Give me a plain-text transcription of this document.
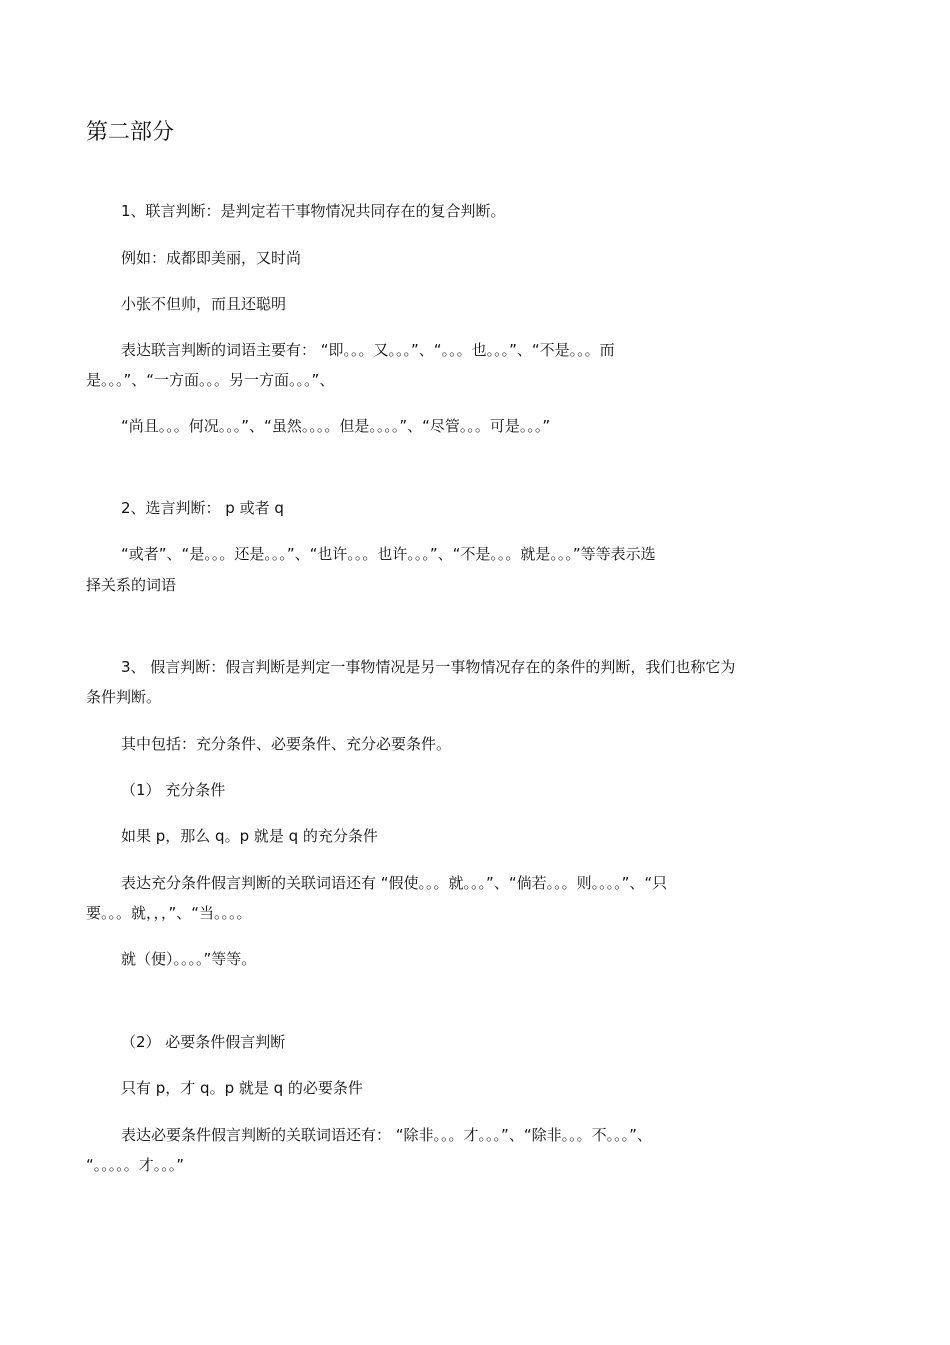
第二部分
1、联言判断：是判定若干事物情况共同存在的复合判断。
例如：成都即美丽，又时尚
小张不但帅，而且还聪明
表达联言判断的词语主要有： “即。。。又。。。”、“。。。也。。。”、“不是。。。而
是。。。”、“一方面。。。另一方面。。。”、
“尚且。。。何况。。。”、“虽然。。。。但是。。。。”、“尽管。。。可是。。。”
2、选言判断： p 或者 q
“或者”、“是。。。还是。。。”、“也许。。。也许。。。”、“不是。。。就是。。。”等等表示选
择关系的词语
3、 假言判断：假言判断是判定一事物情况是另一事物情况存在的条件的判断，我们也称它为
条件判断。
其中包括：充分条件、必要条件、充分必要条件。
（1） 充分条件
如果 p，那么 q。p 就是 q 的充分条件
表达充分条件假言判断的关联词语还有 “假使。。。就。。。”、“倘若。。。则。。。。”、“只
要。。。就，，，”、“当。。。。
就（便）。。。。”等等。
（2） 必要条件假言判断
只有 p，才 q。p 就是 q 的必要条件
表达必要条件假言判断的关联词语还有： “除非。。。才。。。”、“除非。。。不。。。”、
“。。。。。才。。。”
